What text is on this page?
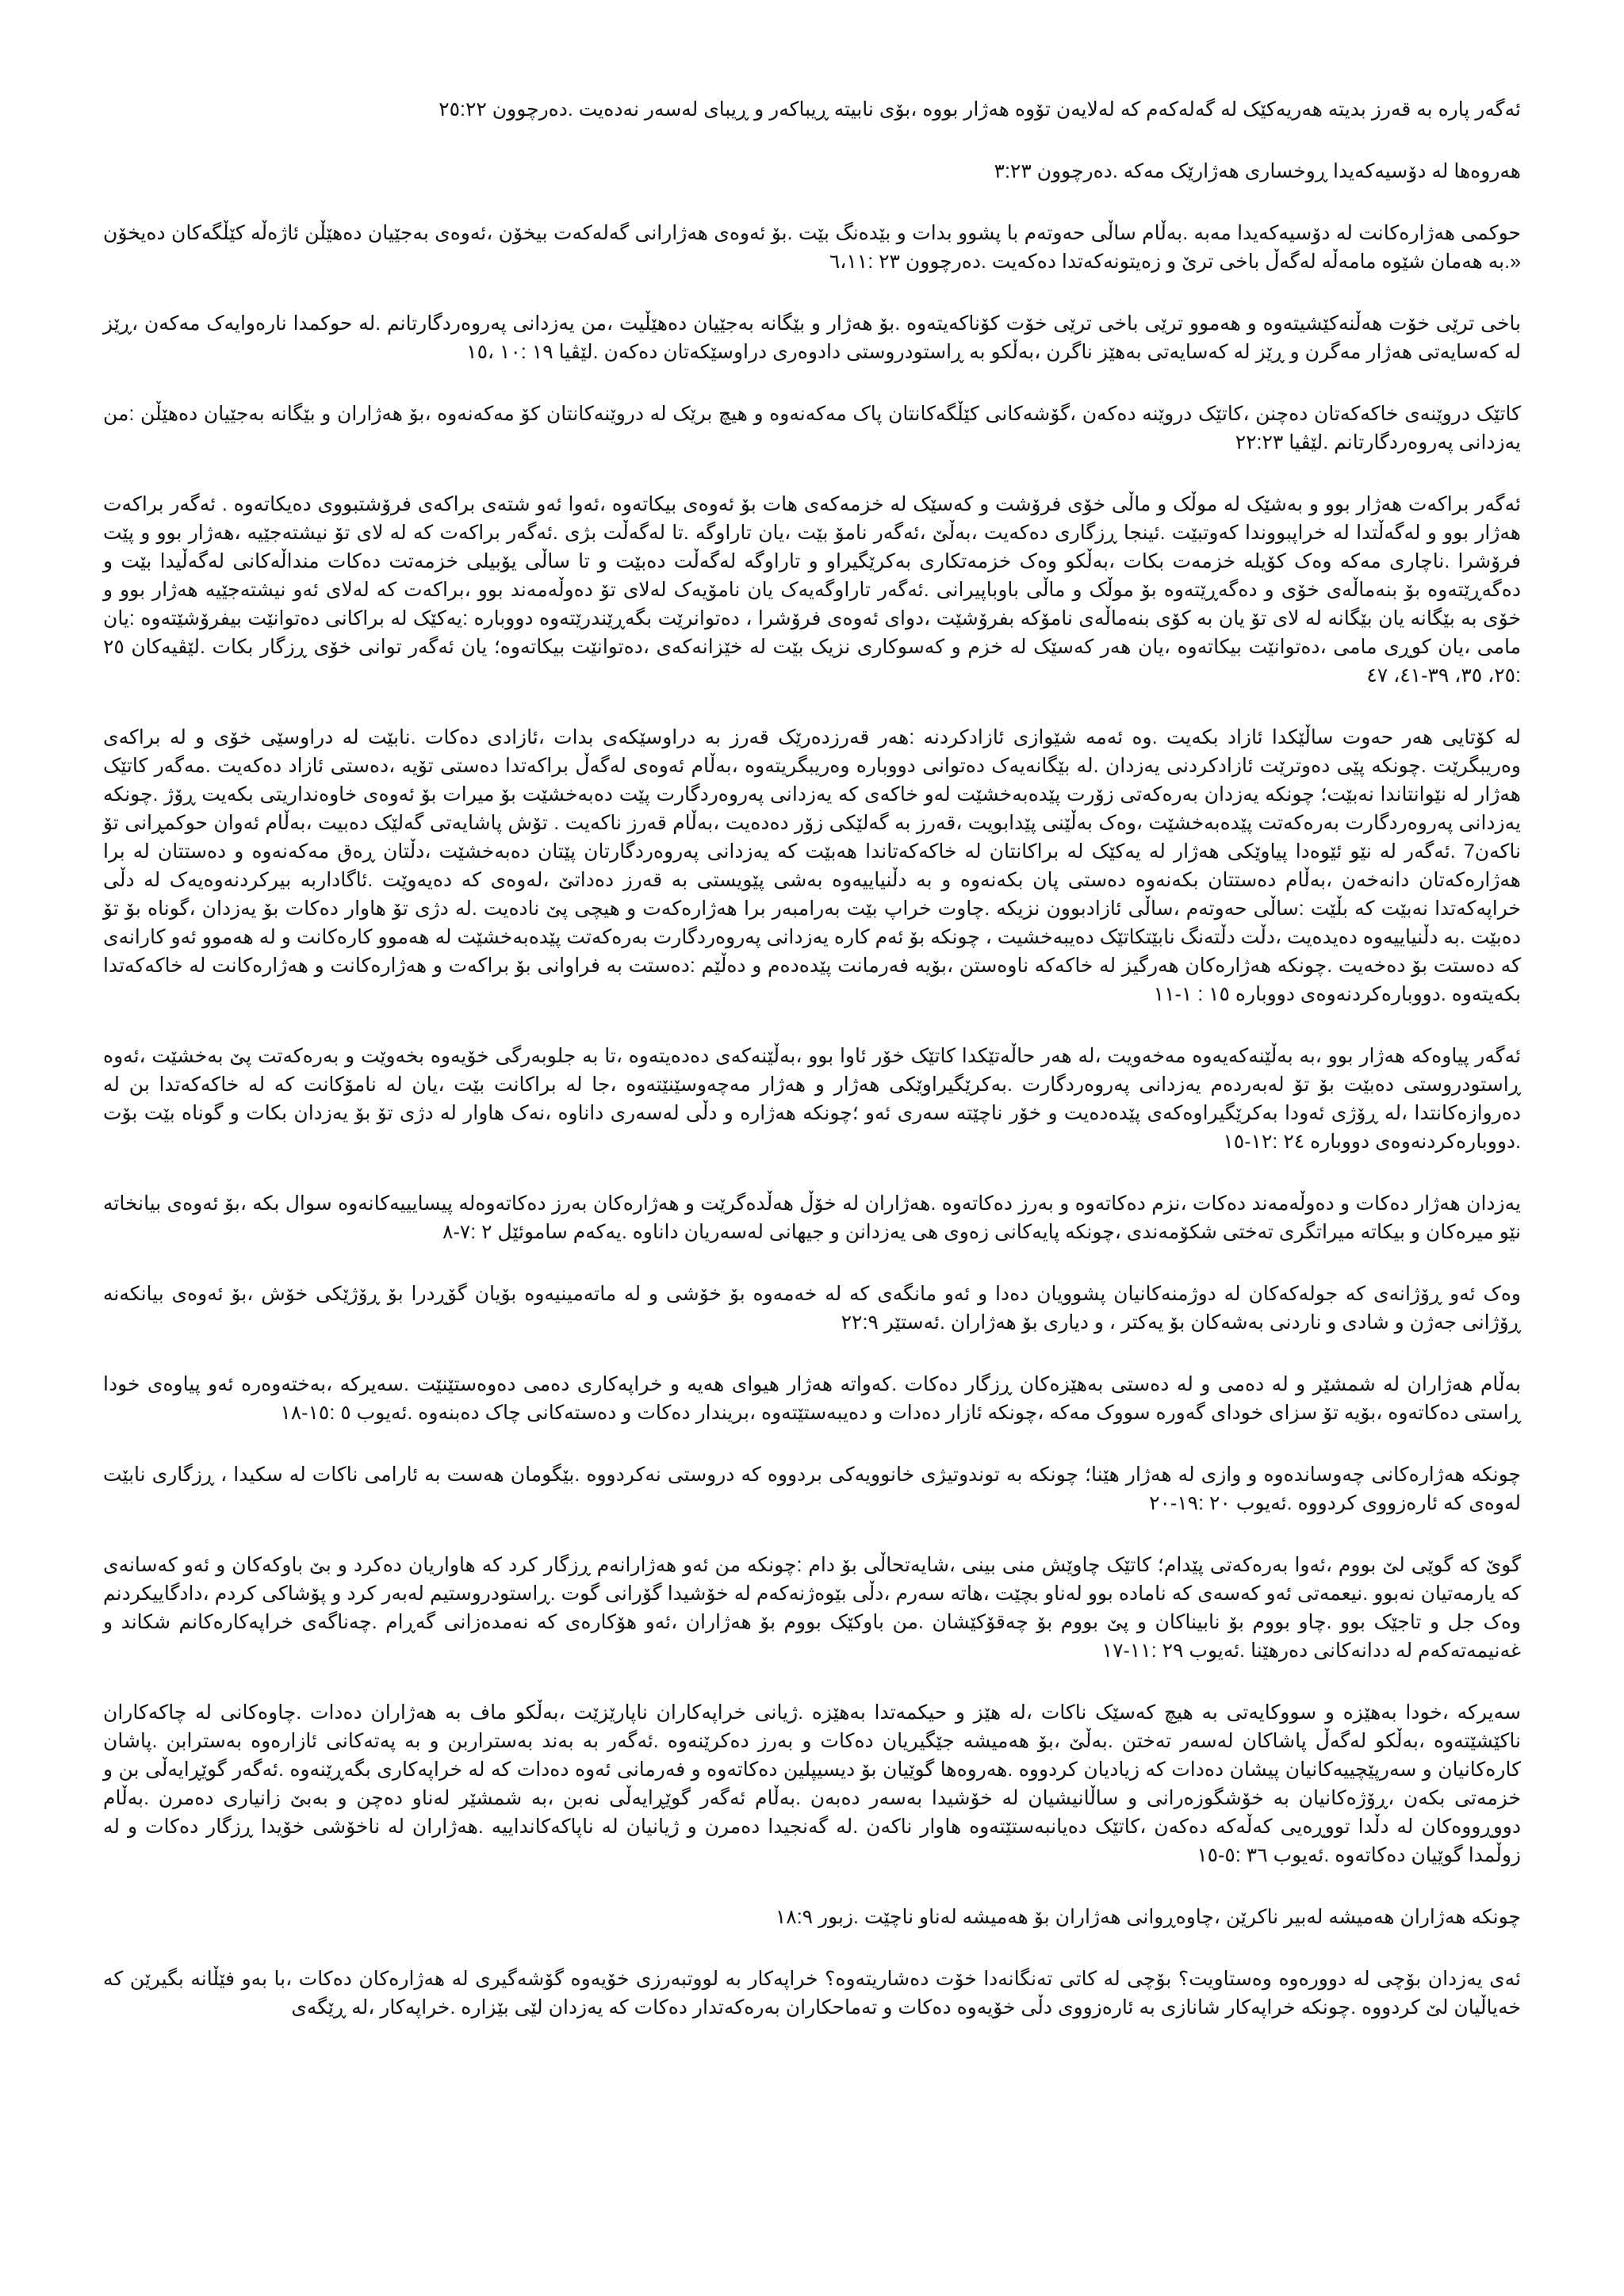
ئەگەر پارە بە قەرز بدیتە هەریەکێک لە گەلەکەم کە لەلایەن تۆوە هەژار بووە ،بۆی نابیتە ڕیباکەر و ڕیبای لەسەر نەدەیت .دەرچوون ٢٥:٢٢

هەروەها لە دۆسیەکەیدا ڕوخساری هەژارێک مەکە .دەرچوون ٣:٢٣

حوکمی هەژارەکانت لە دۆسیەکەیدا مەبە .بەڵام ساڵی حەوتەم با پشوو بدات و بێدەنگ بێت .بۆ ئەوەی هەژارانی گەلەکەت بیخۆن ،ئەوەی بەجێیان دەهێڵن ئاژەڵە کێڵگەکان دەیخۆن «.بە هەمان شێوە مامەڵە لەگەڵ باخی ترێ و زەیتونەکەتدا دەکەیت .دەرچوون ٢٣ :٦،١١

باخی ترێی خۆت هەڵنەکێشیتەوە و هەموو ترێی باخی ترێی خۆت کۆناکەیتەوە .بۆ هەژار و بێگانە بەجێیان دەهێڵیت ،من یەزدانی پەروەردگارتانم .لە حوکمدا نارەوایەک مەکەن ،ڕێز لە کەسایەتی هەژار مەگرن و ڕێز لە کەسایەتی بەهێز ناگرن ،بەڵکو بە ڕاستودروستی دادوەری دراوسێکەتان دەکەن .لێڤیا ١٩ :١٠ ،١٥

کاتێک دروێنەی خاکەکەتان دەچنن ،کاتێک دروێنە دەکەن ،گۆشەکانی کێڵگەکانتان پاک مەکەنەوە و هیچ برێک لە دروێنەکانتان کۆ مەکەنەوە ،بۆ هەژاران و بێگانە بەجێیان دەهێڵن :من یەزدانی پەروەردگارتانم .لێڤیا ٢٢:٢٣

ئەگەر براکەت هەژار بوو و بەشێک لە موڵک و ماڵی خۆی فرۆشت و کەسێک لە خزمەکەی هات بۆ ئەوەی بیکاتەوە ،ئەوا ئەو شتەی براکەی فرۆشتبووی دەیکاتەوە . ئەگەر براکەت هەژار بوو و لەگەڵتدا لە خراپبووندا کەوتبێت .ئینجا ڕزگاری دەکەیت ،بەڵێ ،ئەگەر نامۆ بێت ،یان تاراوگە .تا لەگەڵت بژی .ئەگەر براکەت کە لە لای تۆ نیشتەجێیە ،هەژار بوو و پێت فرۆشرا .ناچاری مەکە وەک کۆیلە خزمەت بکات ،بەڵکو وەک خزمەتکاری بەکرێگیراو و تاراوگە لەگەڵت دەبێت و تا ساڵی یۆبیلی خزمەتت دەکات منداڵەکانی لەگەڵیدا بێت و دەگەڕێتەوە بۆ بنەماڵەی خۆی و دەگەڕێتەوە بۆ موڵک و ماڵی باوباپیرانی .ئەگەر تاراوگەیەک یان نامۆیەک لەلای تۆ دەوڵەمەند بوو ،براکەت کە لەلای ئەو نیشتەجێیە هەژار بوو و خۆی بە بێگانە یان بێگانە لە لای تۆ یان بە کۆی بنەماڵەی نامۆکە بفرۆشێت ،دوای ئەوەی فرۆشرا ، دەتوانرێت بگەڕێندرێتەوە دووبارە :یەکێک لە براکانی دەتوانێت بیفرۆشێتەوە :یان مامی ،یان کوڕی مامی ،دەتوانێت بیکاتەوە ،یان هەر کەسێک لە خزم و کەسوکاری نزیک بێت لە خێزانەکەی ،دەتوانێت بیکاتەوە؛ یان ئەگەر توانی خۆی ڕزگار بکات .لێڤیەکان ٢٥ :٢٥، ٣٥، ٣٩-٤١، ٤٧

لە کۆتایی هەر حەوت ساڵێکدا ئازاد بکەیت .وە ئەمە شێوازی ئازادکردنە :هەر قەرزدەرێک قەرز بە دراوسێکەی بدات ،ئازادی دەکات .نابێت لە دراوسێی خۆی و لە براکەی وەریبگرێت .چونکە پێی دەوترێت ئازادکردنی یەزدان .لە بێگانەیەک دەتوانی دووبارە وەریبگریتەوە ،بەڵام ئەوەی لەگەڵ براکەتدا دەستی تۆیە ،دەستی ئازاد دەکەیت .مەگەر کاتێک هەژار لە نێوانتاندا نەبێت؛ چونکە یەزدان بەرەکەتی زۆرت پێدەبەخشێت لەو خاکەی کە یەزدانی پەروەردگارت پێت دەبەخشێت بۆ میرات بۆ ئەوەی خاوەنداریتی بکەیت ڕۆژ .چونکە یەزدانی پەروەردگارت بەرەکەتت پێدەبەخشێت ،وەک بەڵێنی پێدابویت ،قەرز بە گەلێکی زۆر دەدەیت ،بەڵام قەرز ناکەیت . تۆش پاشایەتی گەلێک دەبیت ،بەڵام ئەوان حوکمڕانی تۆ ناکەن7 .ئەگەر لە نێو ئێوەدا پیاوێکی هەژار لە یەکێک لە براکانتان لە خاکەکەتاندا هەبێت کە یەزدانی پەروەردگارتان پێتان دەبەخشێت ،دڵتان ڕەق مەکەنەوە و دەستتان لە برا هەژارەکەتان دانەخەن ،بەڵام دەستتان بکەنەوە دەستی پان بکەنەوە و بە دڵنیاییەوە بەشی پێویستی بە قەرز دەداتێ ،لەوەی کە دەیەوێت .ئاگاداربە بیرکردنەوەیەک لە دڵی خراپەکەتدا نەبێت کە بڵێت :ساڵی حەوتەم ،ساڵی ئازادبوون نزیکە .چاوت خراپ بێت بەرامبەر برا هەژارەکەت و هیچی پێ نادەیت .لە دژی تۆ هاوار دەکات بۆ یەزدان ،گوناه بۆ تۆ دەبێت .بە دڵنیاییەوە دەیدەیت ،دڵت دڵتەنگ نابێتکاتێک دەیبەخشیت ، چونکە بۆ ئەم کارە یەزدانی پەروەردگارت بەرەکەتت پێدەبەخشێت لە هەموو کارەکانت و لە هەموو ئەو کارانەی کە دەستت بۆ دەخەیت .چونکە هەژارەکان هەرگیز لە خاکەکە ناوەستن ،بۆیە فەرمانت پێدەدەم و دەڵێم :دەستت بە فراوانی بۆ براکەت و هەژارەکانت و هەژارەکانت لە خاکەکەتدا بکەیتەوە .دووبارەکردنەوەی دووبارە ١٥ : ١-١١

ئەگەر پیاوەکە هەژار بوو ،بە بەڵێنەکەیەوە مەخەویت ،لە هەر حاڵەتێکدا کاتێک خۆر ئاوا بوو ،بەڵێنەکەی دەدەیتەوە ،تا بە جلوبەرگی خۆیەوە بخەوێت و بەرەکەتت پێ بەخشێت ،ئەوە ڕاستودروستی دەبێت بۆ تۆ لەبەردەم یەزدانی پەروەردگارت .بەکرێگیراوێکی هەژار و هەژار مەچەوسێنێتەوە ،جا لە براکانت بێت ،یان لە نامۆکانت کە لە خاکەکەتدا بن لە دەروازەکانتدا ،لە ڕۆژی ئەودا بەکرێگیراوەکەی پێدەدەیت و خۆر ناچێتە سەری ئەو ؛چونکە هەژارە و دڵی لەسەری داناوە ،نەک هاوار لە دژی تۆ بۆ یەزدان بکات و گوناه بێت بۆت .دووبارەکردنەوەی دووبارە ٢٤ :١٢-١٥

یەزدان هەژار دەکات و دەوڵەمەند دەکات ،نزم دەکاتەوە و بەرز دەکاتەوە .هەژاران لە خۆڵ هەڵدەگرێت و هەژارەکان بەرز دەکاتەوەلە پیسایییەکانەوە سوال بکە ،بۆ ئەوەی بیانخاتە نێو میرەکان و بیکاتە میراتگری تەختی شکۆمەندی ،چونکە پایەکانی زەوی هی یەزدانن و جیهانی لەسەریان داناوە .یەکەم ساموئێل ٢ :٧-٨

وەک ئەو ڕۆژانەی کە جولەکەکان لە دوژمنەکانیان پشوویان دەدا و ئەو مانگەی کە لە خەمەوە بۆ خۆشی و لە ماتەمینیەوە بۆیان گۆڕدرا بۆ ڕۆژێکی خۆش ،بۆ ئەوەی بیانکەنە ڕۆژانی جەژن و شادی و ناردنی بەشەکان بۆ یەکتر ، و دیاری بۆ هەژاران .ئەستێر ٢٢:٩

بەڵام هەژاران لە شمشێر و لە دەمی و لە دەستی بەهێزەکان ڕزگار دەکات .کەواتە هەژار هیوای هەیە و خراپەکاری دەمی دەوەستێنێت .سەیرکە ،بەختەوەرە ئەو پیاوەی خودا ڕاستی دەکاتەوە ،بۆیە تۆ سزای خودای گەورە سووک مەکە ،چونکە ئازار دەدات و دەیبەستێتەوە ،بریندار دەکات و دەستەکانی چاک دەبنەوە .ئەیوب ٥ :١٥-١٨

چونکە هەژارەکانی چەوساندەوە و وازی لە هەژار هێنا؛ چونکە بە توندوتیژی خانوویەکی بردووە کە دروستی نەکردووە .بێگومان هەست بە ئارامی ناکات لە سکیدا ، ڕزگاری نابێت لەوەی کە ئارەزووی کردووە .ئەیوب ٢٠ :١٩-٢٠

گوێ کە گوێی لێ بووم ،ئەوا بەرەکەتی پێدام؛ کاتێک چاوێش منی بینی ،شایەتحاڵی بۆ دام :چونکە من ئەو هەژارانەم ڕزگار کرد کە هاواریان دەکرد و بێ باوکەکان و ئەو کەسانەی کە یارمەتیان نەبوو .نیعمەتی ئەو کەسەی کە نامادە بوو لەناو بچێت ،هاتە سەرم ،دڵی بێوەژنەکەم لە خۆشیدا گۆرانی گوت .ڕاستودروستیم لەبەر کرد و پۆشاکی کردم ،دادگاییکردنم وەک جل و تاجێک بوو .چاو بووم بۆ نابیناکان و پێ بووم بۆ چەقۆکێشان .من باوکێک بووم بۆ هەژاران ،ئەو هۆکارەی کە نەمدەزانی گەڕام .چەناگەی خراپەکارەکانم شکاند و غەنیمەتەکەم لە ددانەکانی دەرهێنا .ئەیوب ٢٩ :١١-١٧

سەیرکە ،خودا بەهێزە و سووکایەتی بە هیچ کەسێک ناکات ،لە هێز و حیکمەتدا بەهێزە .ژیانی خراپەکاران ناپارێزێت ،بەڵکو ماف بە هەژاران دەدات .چاوەکانی لە چاکەکاران ناکێشێتەوە ،بەڵکو لەگەڵ پاشاکان لەسەر تەختن .بەڵێ ،بۆ هەمیشە جێگیریان دەکات و بەرز دەکرێنەوە .ئەگەر بە بەند بەستراربن و بە پەتەکانی ئازارەوە بەسترابن .پاشان کارەکانیان و سەرپێچییەکانیان پیشان دەدات کە زیادیان کردووە .هەروەها گوێیان بۆ دیسیپلین دەکاتەوە و فەرمانی ئەوە دەدات کە لە خراپەکاری بگەڕێنەوە .ئەگەر گوێڕایەڵی بن و خزمەتی بکەن ،ڕۆژەکانیان بە خۆشگوزەرانی و ساڵانیشیان لە خۆشیدا بەسەر دەبەن .بەڵام ئەگەر گوێڕایەڵی نەبن ،بە شمشێر لەناو دەچن و بەبێ زانیاری دەمرن .بەڵام دووڕووەکان لە دڵدا تووڕەیی کەڵەکە دەکەن ،کاتێک دەیانبەستێتەوە هاوار ناکەن .لە گەنجیدا دەمرن و ژیانیان لە ناپاکەکانداییە .هەژاران لە ناخۆشی خۆیدا ڕزگار دەکات و لە زوڵمدا گوێیان دەکاتەوە .ئەیوب ٣٦ :٥-١٥

چونکە هەژاران هەمیشە لەبیر ناکرێن ،چاوەڕوانی هەژاران بۆ هەمیشە لەناو ناچێت .زبور ١٨:٩

ئەی یەزدان بۆچی لە دوورەوە وەستاویت؟ بۆچی لە کاتی تەنگانەدا خۆت دەشاریتەوە؟ خراپەکار بە لووتبەرزی خۆیەوە گۆشەگیری لە هەژارەکان دەکات ،با بەو فێڵانە بگیرێن کە خەیاڵیان لێ کردووە .چونکە خراپەکار شانازی بە ئارەزووی دڵی خۆیەوە دەکات و تەماحکاران بەرەکەتدار دەکات کە یەزدان لێی بێزارە .خراپەکار ،لە ڕێگەی
